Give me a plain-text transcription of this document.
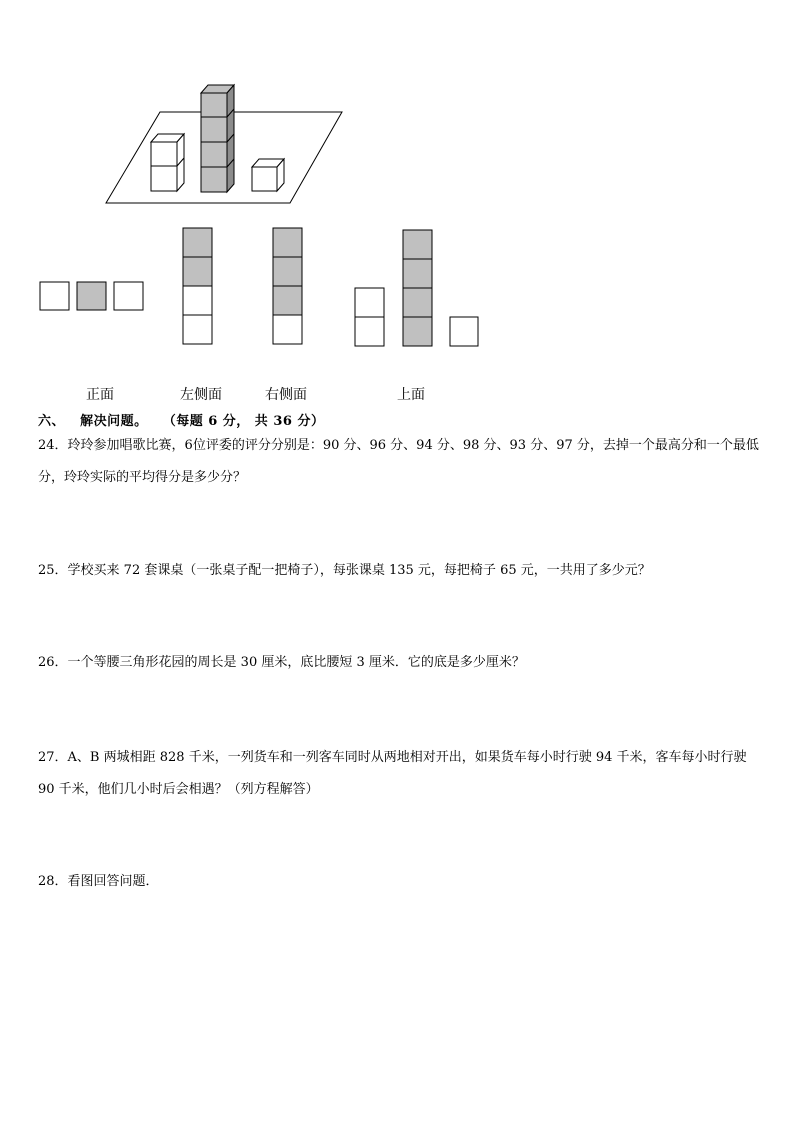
正面	左侧面	右侧面	上面
六、 解决问题。 （每题 6 分， 共 36 分）
24．玲玲参加唱歌比赛，6位评委的评分分别是：90 分、96 分、94 分、98 分、93 分、97 分，去掉一个最高分和一个最低分，玲玲实际的平均得分是多少分？
25．学校买来 72 套课桌（一张桌子配一把椅子），每张课桌 135 元，每把椅子 65 元，一共用了多少元？
26．一个等腰三角形花园的周长是 30 厘米，底比腰短 3 厘米．它的底是多少厘米？
27．A、B 两城相距 828 千米，一列货车和一列客车同时从两地相对开出，如果货车每小时行驶 94 千米，客车每小时行驶 90 千米，他们几小时后会相遇？（列方程解答）
28．看图回答问题．
